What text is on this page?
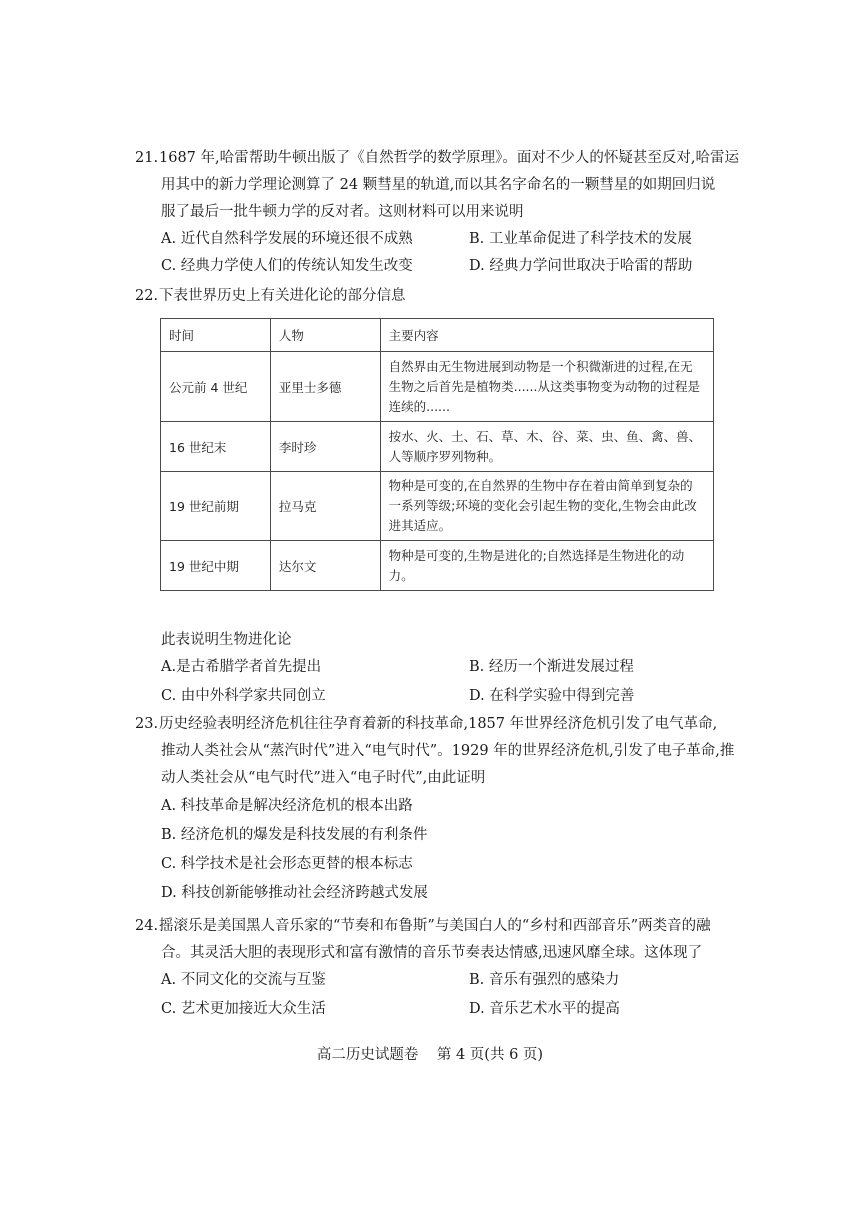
21. 1687 年,哈雷帮助牛顿出版了《自然哲学的数学原理》。面对不少人的怀疑甚至反对,哈雷运
用其中的新力学理论测算了 24 颗彗星的轨道,而以其名字命名的一颗彗星的如期回归说
服了最后一批牛顿力学的反对者。这则材料可以用来说明
A. 近代自然科学发展的环境还很不成熟	B. 工业革命促进了科学技术的发展
C. 经典力学使人们的传统认知发生改变	D. 经典力学问世取决于哈雷的帮助
22. 下表世界历史上有关进化论的部分信息
时间	人物	主要内容
公元前 4 世纪	亚里士多德	自然界由无生物进展到动物是一个积微渐进的过程,在无生物之后首先是植物类......从这类事物变为动物的过程是连续的......
16 世纪末	李时珍	按水、火、土、石、草、木、谷、菜、虫、鱼、禽、兽、人等顺序罗列物种。
19 世纪前期	拉马克	物种是可变的,在自然界的生物中存在着由简单到复杂的一系列等级;环境的变化会引起生物的变化,生物会由此改进其适应。
19 世纪中期	达尔文	物种是可变的,生物是进化的;自然选择是生物进化的动力。
此表说明生物进化论
A.是古希腊学者首先提出	B. 经历一个渐进发展过程
C. 由中外科学家共同创立	D. 在科学实验中得到完善
23. 历史经验表明经济危机往往孕育着新的科技革命,1857 年世界经济危机引发了电气革命,
推动人类社会从“蒸汽时代”进入“电气时代”。1929 年的世界经济危机,引发了电子革命,推
动人类社会从“电气时代”进入“电子时代”,由此证明
A. 科技革命是解决经济危机的根本出路
B. 经济危机的爆发是科技发展的有利条件
C. 科学技术是社会形态更替的根本标志
D. 科技创新能够推动社会经济跨越式发展
24. 摇滚乐是美国黑人音乐家的“节奏和布鲁斯”与美国白人的“乡村和西部音乐”两类音的融
合。其灵活大胆的表现形式和富有激情的音乐节奏表达情感,迅速风靡全球。这体现了
A. 不同文化的交流与互鉴	B. 音乐有强烈的感染力
C. 艺术更加接近大众生活	D. 音乐艺术水平的提高
高二历史试题卷 第 4 页(共 6 页)
